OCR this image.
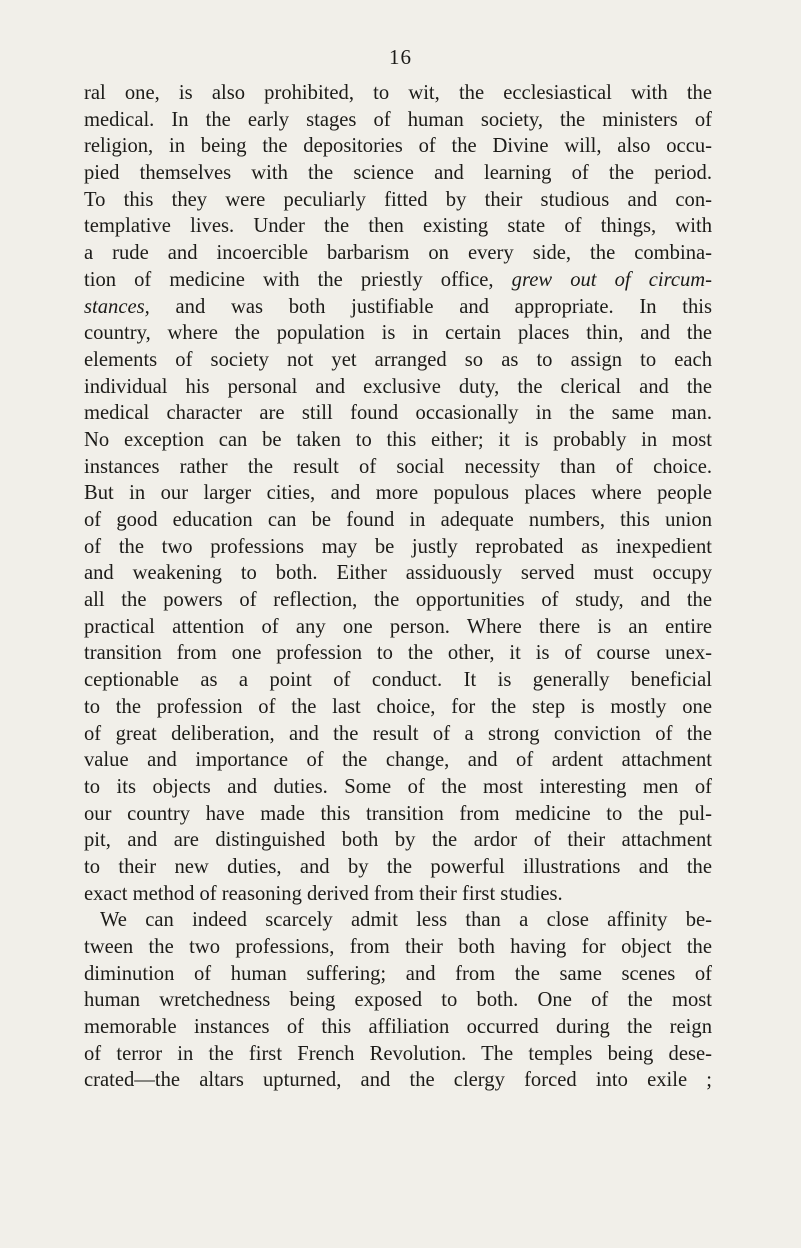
16
ral one, is also prohibited, to wit, the ecclesiastical with the
medical. In the early stages of human society, the ministers of
religion, in being the depositories of the Divine will, also occu-
pied themselves with the science and learning of the period.
To this they were peculiarly fitted by their studious and con-
templative lives. Under the then existing state of things, with
a rude and incoercible barbarism on every side, the combina-
tion of medicine with the priestly office, grew out of circum-
stances, and was both justifiable and appropriate. In this
country, where the population is in certain places thin, and the
elements of society not yet arranged so as to assign to each
individual his personal and exclusive duty, the clerical and the
medical character are still found occasionally in the same man.
No exception can be taken to this either; it is probably in most
instances rather the result of social necessity than of choice.
But in our larger cities, and more populous places where people
of good education can be found in adequate numbers, this union
of the two professions may be justly reprobated as inexpedient
and weakening to both. Either assiduously served must occupy
all the powers of reflection, the opportunities of study, and the
practical attention of any one person. Where there is an entire
transition from one profession to the other, it is of course unex-
ceptionable as a point of conduct. It is generally beneficial
to the profession of the last choice, for the step is mostly one
of great deliberation, and the result of a strong conviction of the
value and importance of the change, and of ardent attachment
to its objects and duties. Some of the most interesting men of
our country have made this transition from medicine to the pul-
pit, and are distinguished both by the ardor of their attachment
to their new duties, and by the powerful illustrations and the
exact method of reasoning derived from their first studies.
We can indeed scarcely admit less than a close affinity be-
tween the two professions, from their both having for object the
diminution of human suffering; and from the same scenes of
human wretchedness being exposed to both. One of the most
memorable instances of this affiliation occurred during the reign
of terror in the first French Revolution. The temples being dese-
crated—the altars upturned, and the clergy forced into exile ;
